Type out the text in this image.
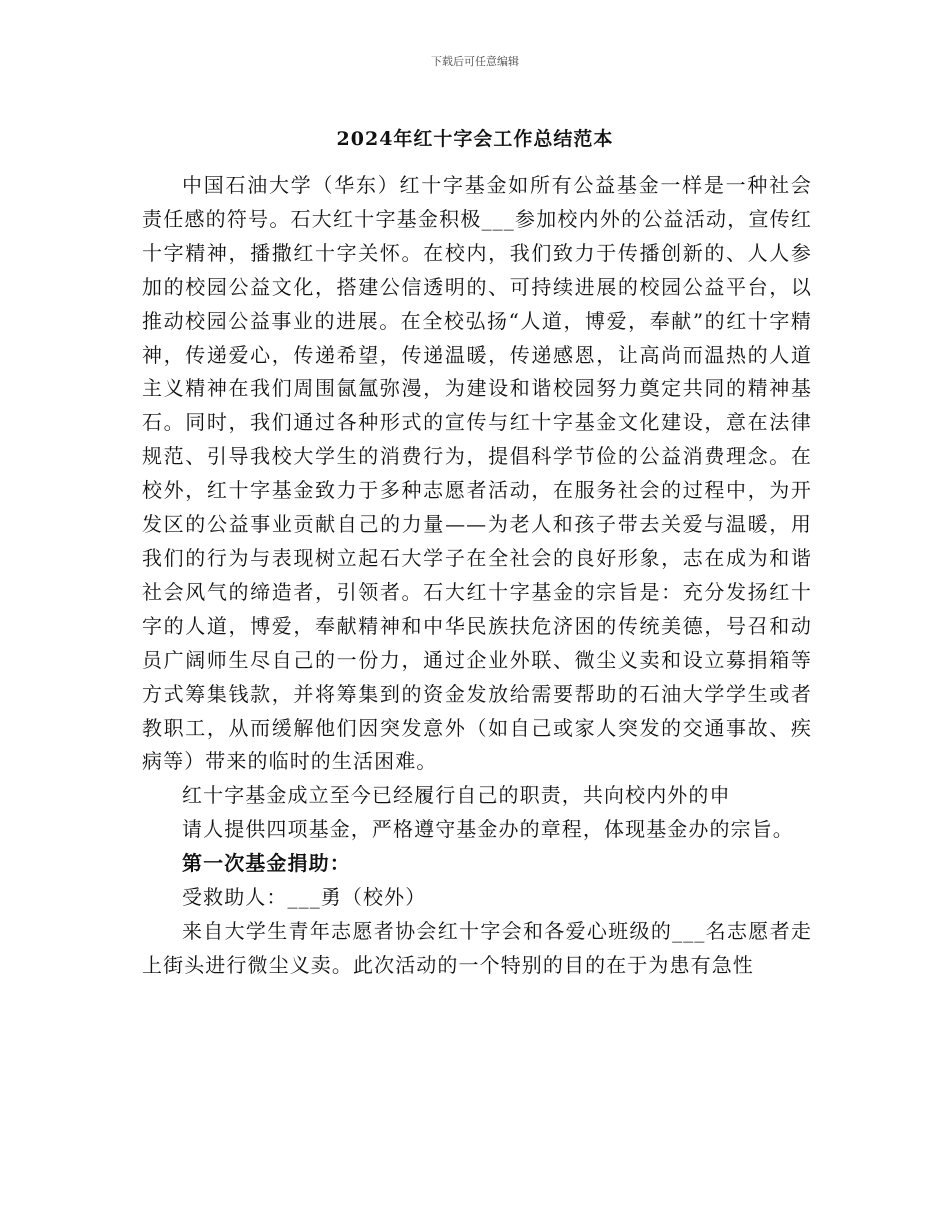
下载后可任意编辑
2024年红十字会工作总结范本

中国石油大学（华东）红十字基金如所有公益基金一样是一种社会责任感的符号。石大红十字基金积极___参加校内外的公益活动，宣传红十字精神，播撒红十字关怀。在校内，我们致力于传播创新的、人人参加的校园公益文化，搭建公信透明的、可持续进展的校园公益平台，以推动校园公益事业的进展。在全校弘扬“人道，博爱，奉献”的红十字精神，传递爱心，传递希望，传递温暖，传递感恩，让高尚而温热的人道主义精神在我们周围氤氲弥漫，为建设和谐校园努力奠定共同的精神基石。同时，我们通过各种形式的宣传与红十字基金文化建设，意在法律规范、引导我校大学生的消费行为，提倡科学节俭的公益消费理念。在校外，红十字基金致力于多种志愿者活动，在服务社会的过程中，为开发区的公益事业贡献自己的力量——为老人和孩子带去关爱与温暖，用我们的行为与表现树立起石大学子在全社会的良好形象，志在成为和谐社会风气的缔造者，引领者。石大红十字基金的宗旨是：充分发扬红十字的人道，博爱，奉献精神和中华民族扶危济困的传统美德，号召和动员广阔师生尽自己的一份力，通过企业外联、微尘义卖和设立募捐箱等方式筹集钱款，并将筹集到的资金发放给需要帮助的石油大学学生或者教职工，从而缓解他们因突发意外（如自己或家人突发的交通事故、疾病等）带来的临时的生活困难。

红十字基金成立至今已经履行自己的职责，共向校内外的申

请人提供四项基金，严格遵守基金办的章程，体现基金办的宗旨。

第一次基金捐助：

受救助人：___勇（校外）

来自大学生青年志愿者协会红十字会和各爱心班级的___名志愿者走上街头进行微尘义卖。此次活动的一个特别的目的在于为患有急性
